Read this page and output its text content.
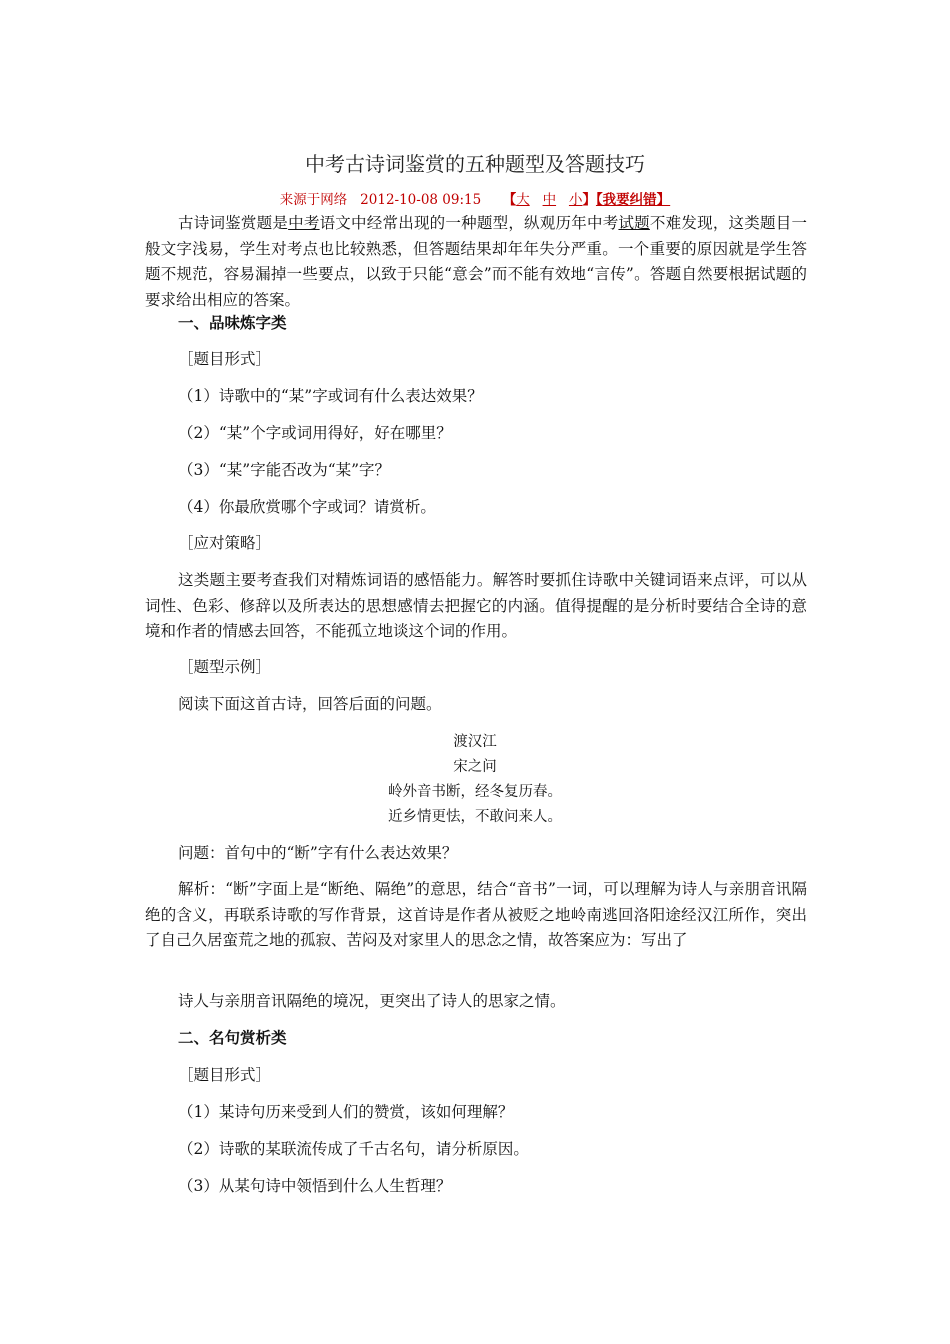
中考古诗词鉴赏的五种题型及答题技巧
来源于网络 2012-10-08 09:15 【大 中 小】【我要纠错】
古诗词鉴赏题是中考语文中经常出现的一种题型，纵观历年中考试题不难发现，这类题目一般文字浅易，学生对考点也比较熟悉，但答题结果却年年失分严重。一个重要的原因就是学生答题不规范，容易漏掉一些要点，以致于只能“意会”而不能有效地“言传”。答题自然要根据试题的要求给出相应的答案。
一、品味炼字类
［题目形式］
（1）诗歌中的“某”字或词有什么表达效果？
（2）“某”个字或词用得好，好在哪里？
（3）“某”字能否改为“某”字？
（4）你最欣赏哪个字或词？请赏析。
［应对策略］
这类题主要考查我们对精炼词语的感悟能力。解答时要抓住诗歌中关键词语来点评，可以从词性、色彩、修辞以及所表达的思想感情去把握它的内涵。值得提醒的是分析时要结合全诗的意境和作者的情感去回答，不能孤立地谈这个词的作用。
［题型示例］
阅读下面这首古诗，回答后面的问题。
渡汉江
宋之问
岭外音书断，经冬复历春。
近乡情更怯，不敢问来人。
问题：首句中的“断”字有什么表达效果？
解析：“断”字面上是“断绝、隔绝”的意思，结合“音书”一词，可以理解为诗人与亲朋音讯隔绝的含义，再联系诗歌的写作背景，这首诗是作者从被贬之地岭南逃回洛阳途经汉江所作，突出了自己久居蛮荒之地的孤寂、苦闷及对家里人的思念之情，故答案应为：写出了
诗人与亲朋音讯隔绝的境况，更突出了诗人的思家之情。
二、名句赏析类
［题目形式］
（1）某诗句历来受到人们的赞赏，该如何理解？
（2）诗歌的某联流传成了千古名句，请分析原因。
（3）从某句诗中领悟到什么人生哲理？
